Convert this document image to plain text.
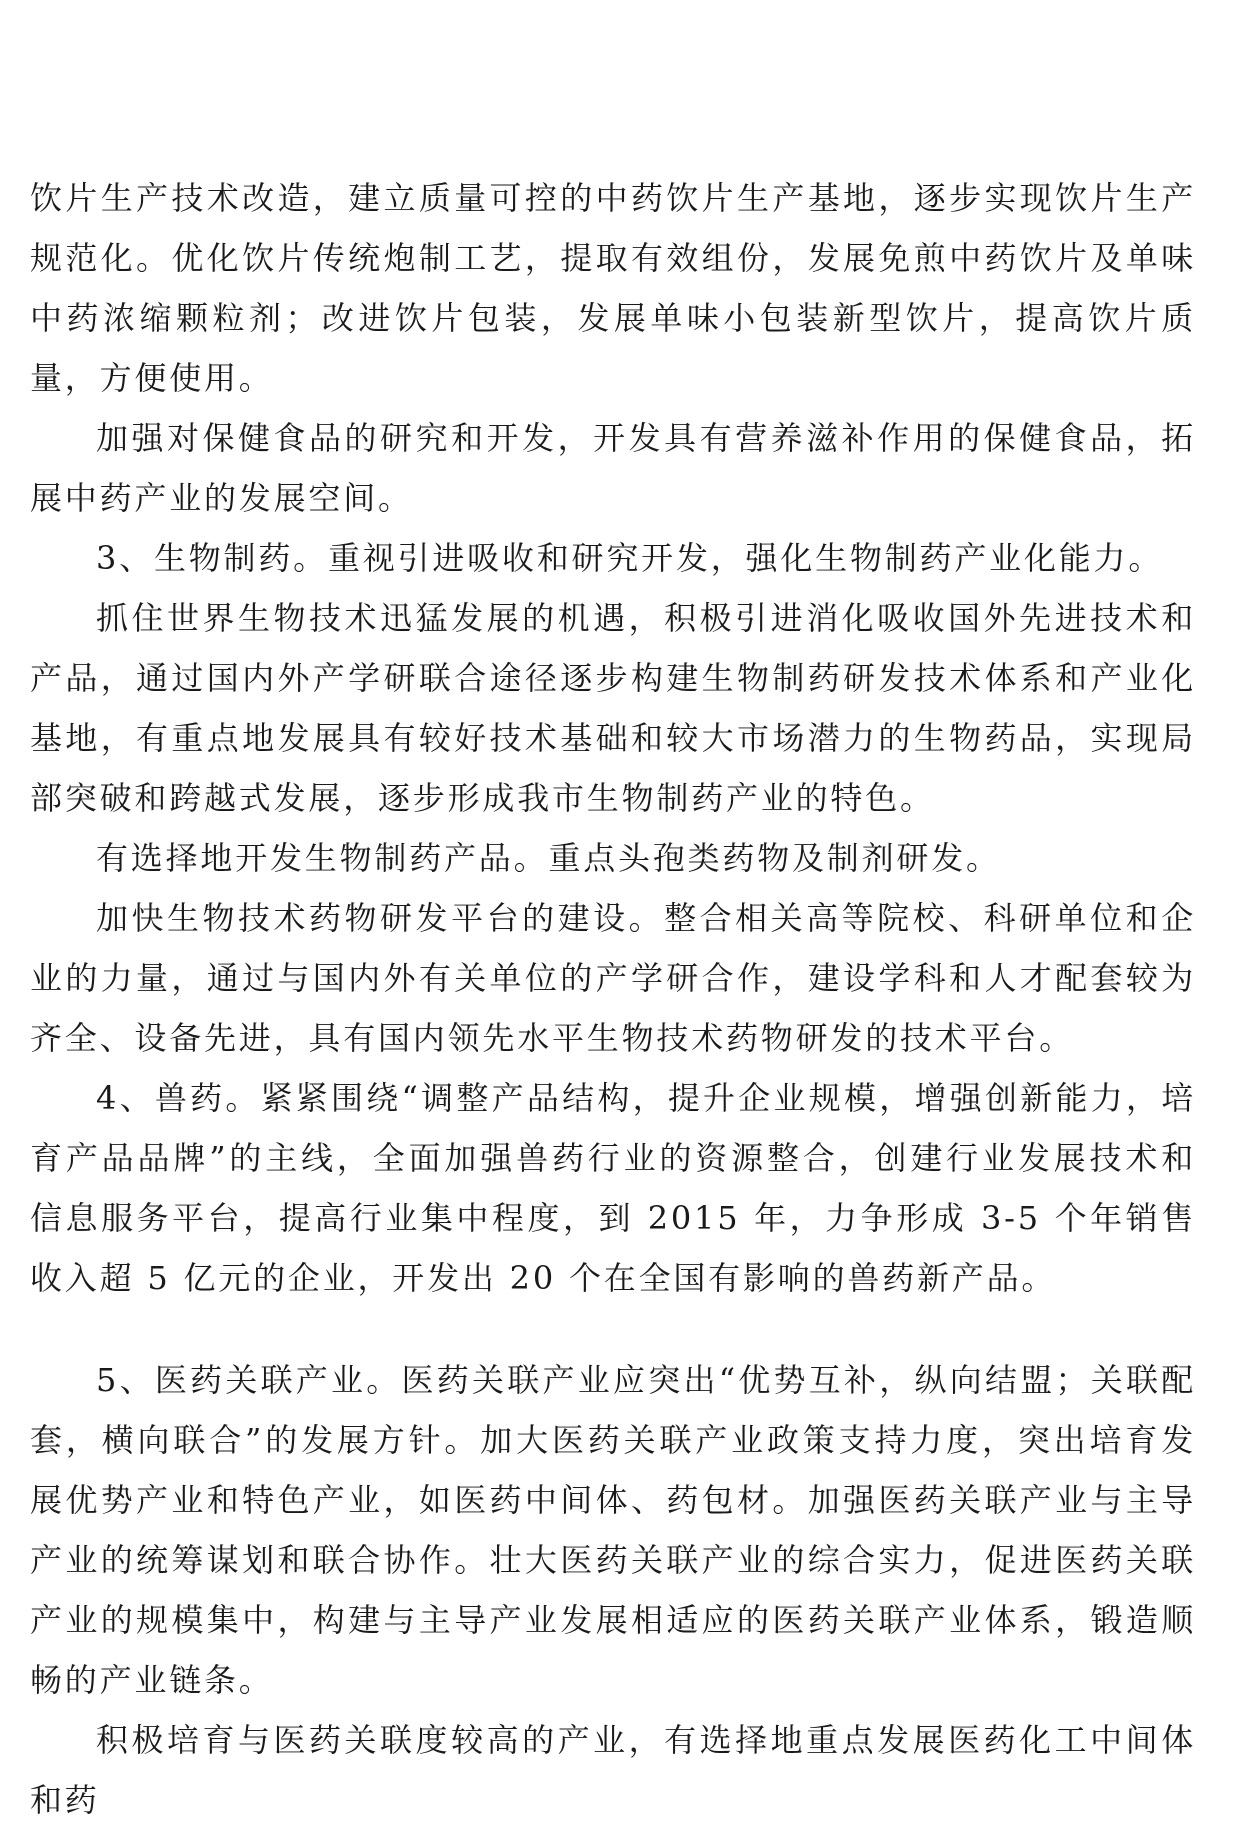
饮片生产技术改造，建立质量可控的中药饮片生产基地，逐步实现饮片生产规范化。优化饮片传统炮制工艺，提取有效组份，发展免煎中药饮片及单味中药浓缩颗粒剂；改进饮片包装，发展单味小包装新型饮片，提高饮片质量，方便使用。

加强对保健食品的研究和开发，开发具有营养滋补作用的保健食品，拓展中药产业的发展空间。

3、生物制药。重视引进吸收和研究开发，强化生物制药产业化能力。

抓住世界生物技术迅猛发展的机遇，积极引进消化吸收国外先进技术和产品，通过国内外产学研联合途径逐步构建生物制药研发技术体系和产业化基地，有重点地发展具有较好技术基础和较大市场潜力的生物药品，实现局部突破和跨越式发展，逐步形成我市生物制药产业的特色。

有选择地开发生物制药产品。重点头孢类药物及制剂研发。

加快生物技术药物研发平台的建设。整合相关高等院校、科研单位和企业的力量，通过与国内外有关单位的产学研合作，建设学科和人才配套较为齐全、设备先进，具有国内领先水平生物技术药物研发的技术平台。

4、兽药。紧紧围绕“调整产品结构，提升企业规模，增强创新能力，培育产品品牌”的主线，全面加强兽药行业的资源整合，创建行业发展技术和信息服务平台，提高行业集中程度，到 2015 年，力争形成 3-5 个年销售收入超 5 亿元的企业，开发出 20 个在全国有影响的兽药新产品。

5、医药关联产业。医药关联产业应突出“优势互补，纵向结盟；关联配套，横向联合”的发展方针。加大医药关联产业政策支持力度，突出培育发展优势产业和特色产业，如医药中间体、药包材。加强医药关联产业与主导产业的统筹谋划和联合协作。壮大医药关联产业的综合实力，促进医药关联产业的规模集中，构建与主导产业发展相适应的医药关联产业体系，锻造顺畅的产业链条。

积极培育与医药关联度较高的产业，有选择地重点发展医药化工中间体和药
